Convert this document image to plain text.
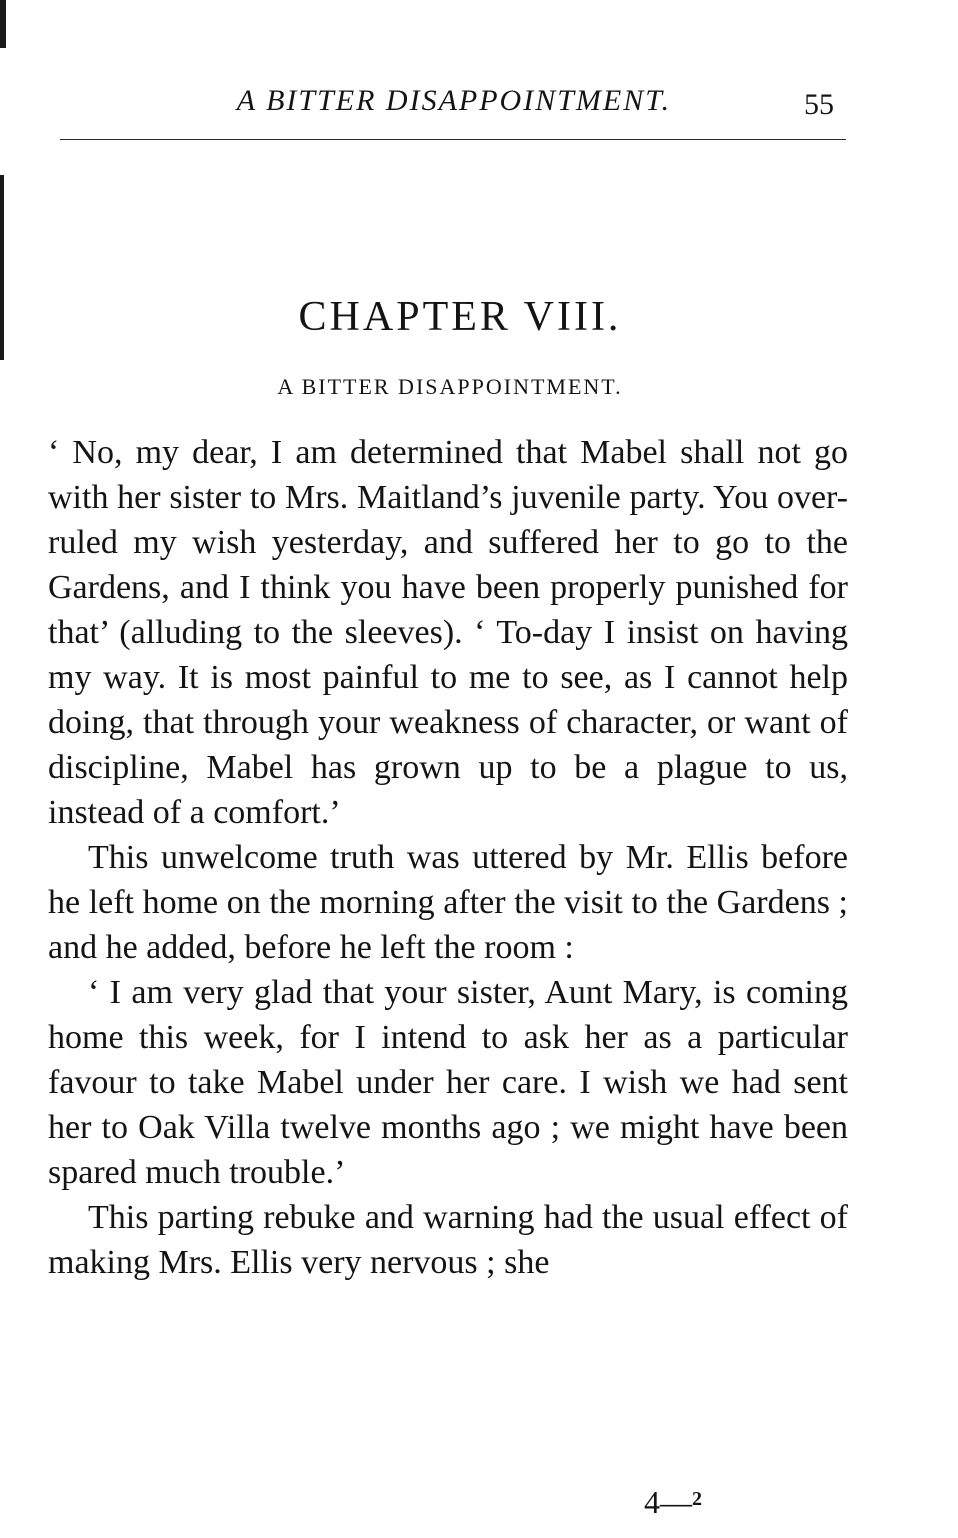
A BITTER DISAPPOINTMENT.	55
CHAPTER VIII.
A BITTER DISAPPOINTMENT.

‘ No, my dear, I am determined that Mabel shall not go with her sister to Mrs. Maitland’s juvenile party. You over-ruled my wish yesterday, and suffered her to go to the Gardens, and I think you have been properly punished for that’ (alluding to the sleeves). ‘ To-day I insist on having my way. It is most painful to me to see, as I cannot help doing, that through your weakness of character, or want of discipline, Mabel has grown up to be a plague to us, instead of a comfort.’

This unwelcome truth was uttered by Mr. Ellis before he left home on the morning after the visit to the Gardens ; and he added, before he left the room :

‘ I am very glad that your sister, Aunt Mary, is coming home this week, for I intend to ask her as a particular favour to take Mabel under her care. I wish we had sent her to Oak Villa twelve months ago ; we might have been spared much trouble.’

This parting rebuke and warning had the usual effect of making Mrs. Ellis very nervous ; she

4—$^2$
